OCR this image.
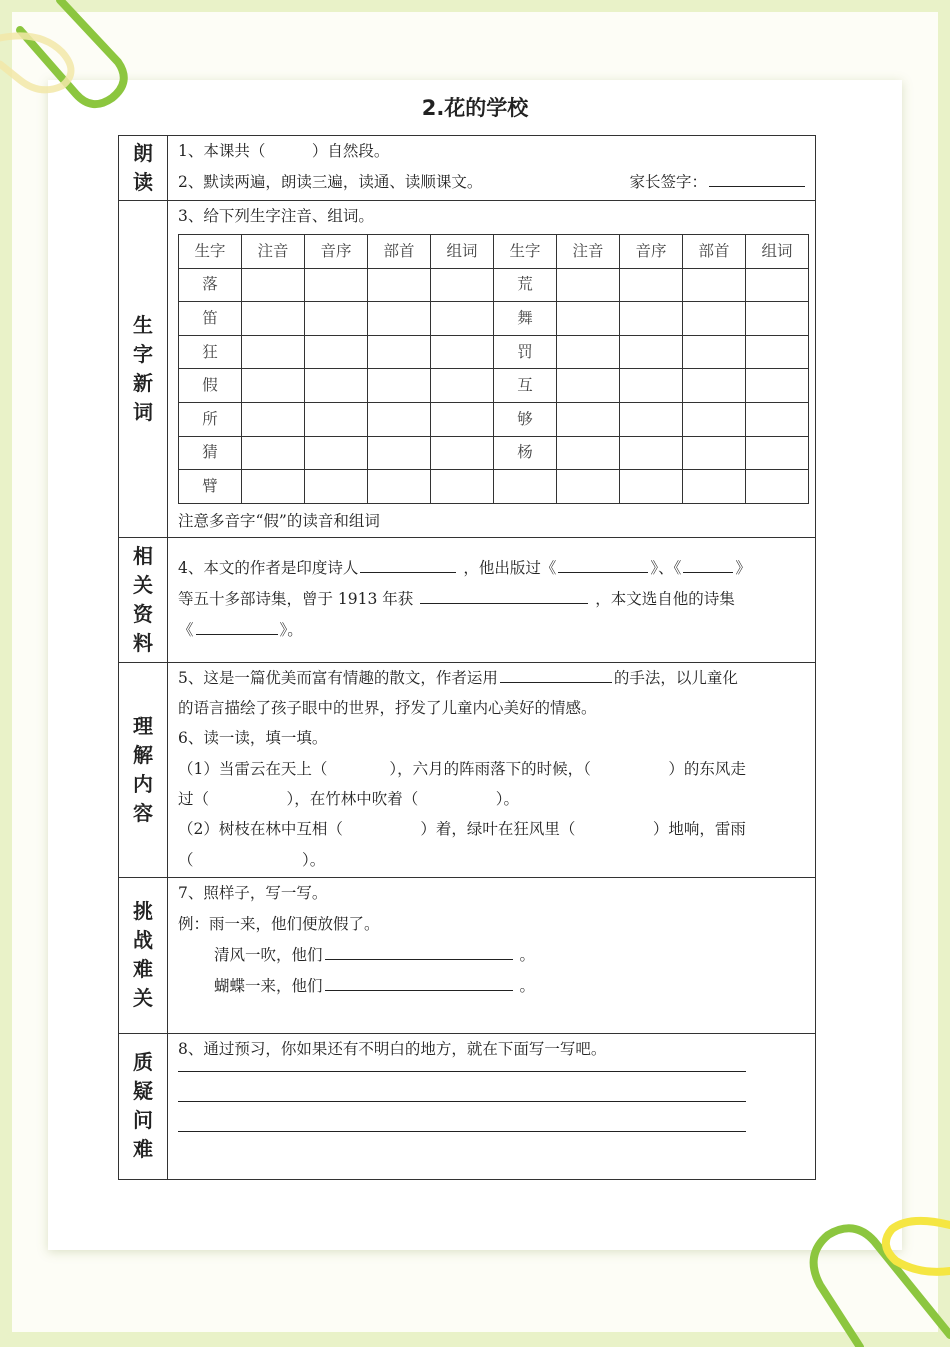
2.花的学校
朗
读

1、本课共（　　　）自然段。
2、默读两遍，朗读三遍，读通、读顺课文。	家长签字：

生
字
新
词

3、给下列生字注音、组词。
生字	注音	音序	部首	组词	生字	注音	音序	部首	组词
落					荒				
笛					舞				
狂					罚				
假					互				
所					够				
猜					杨				
臂									
注意多音字“假”的读音和组词

相
关
资
料

4、本文的作者是印度诗人	，他出版过《	》、《	》
等五十多部诗集，曾于 1913 年获	，本文选自他的诗集
《	》。

理
解
内
容

5、这是一篇优美而富有情趣的散文，作者运用	的手法，以儿童化
的语言描绘了孩子眼中的世界，抒发了儿童内心美好的情感。
6、读一读，填一填。
（1）当雷云在天上（　　　　），六月的阵雨落下的时候，（　　　　　）的东风走
过（　　　　　），在竹林中吹着（　　　　　）。
（2）树枝在林中互相（　　　　　）着，绿叶在狂风里（　　　　　）地响，雷雨
（　　　　　　　）。

挑
战
难
关

7、照样子，写一写。
例：雨一来，他们便放假了。
清风一吹，他们	。
蝴蝶一来，他们	。

质
疑
问
难

8、通过预习，你如果还有不明白的地方，就在下面写一写吧。
